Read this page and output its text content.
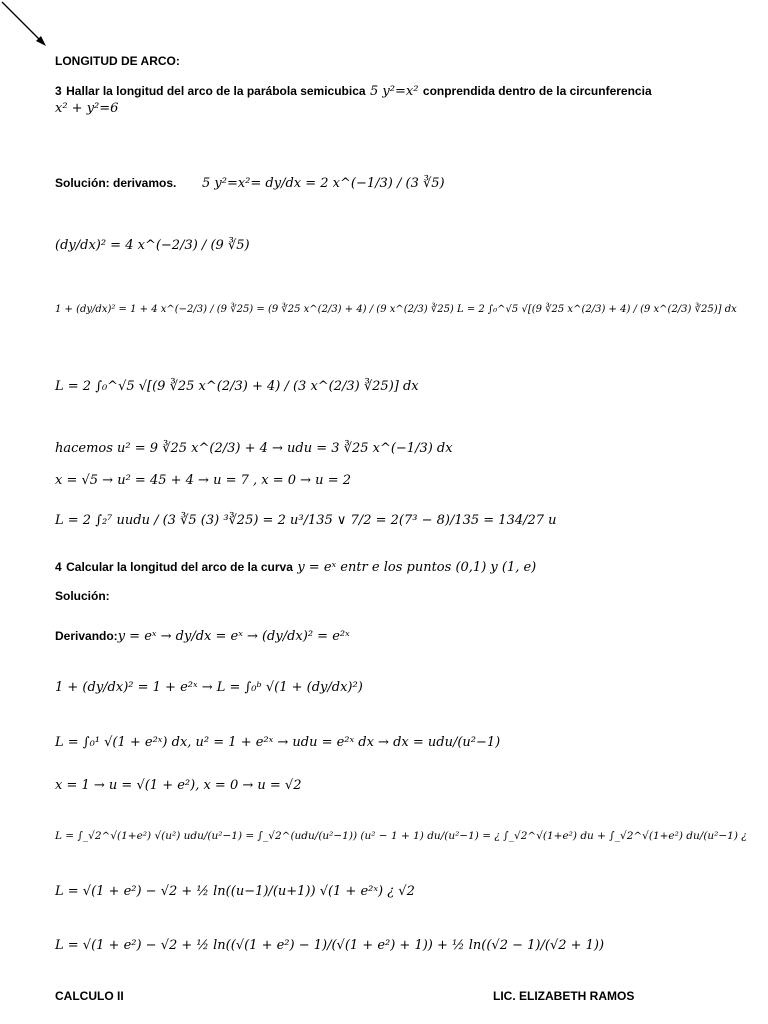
LONGITUD DE ARCO:
3 Hallar la longitud del arco de la parábola semicubica 5 y²=x² conprendida dentro de la circunferencia
x² + y²=6
Solución: derivamos. 5 y²=x²= dy/dx = 2 x^(−1/3) / (3 ∛5)
(dy/dx)² = 4 x^(−2/3) / (9 ∛5)
1 + (dy/dx)² = 1 + 4 x^(−2/3) / (9 ∛25) = (9 ∛25 x^(2/3) + 4) / (9 x^(2/3) ∛25) L = 2 ∫₀^√5 √[(9 ∛25 x^(2/3) + 4) / (9 x^(2/3) ∛25)] dx
L = 2 ∫₀^√5 √[(9 ∛25 x^(2/3) + 4) / (3 x^(2/3) ∛25)] dx
hacemos u² = 9 ∛25 x^(2/3) + 4 → udu = 3 ∛25 x^(−1/3) dx
x = √5 → u² = 45 + 4 → u = 7 , x = 0 → u = 2
L = 2 ∫₂⁷ uudu / (3 ∛5 (3) ³∛25) = 2 u³/135 ∨ 7/2 = 2(7³ − 8)/135 = 134/27 u
4 Calcular la longitud del arco de la curva y = eˣ entr e los puntos (0,1) y (1, e)
Solución:
Derivando:y = eˣ → dy/dx = eˣ → (dy/dx)² = e²ˣ
1 + (dy/dx)² = 1 + e²ˣ → L = ∫₀ᵇ √(1 + (dy/dx)²)
L = ∫₀¹ √(1 + e²ˣ) dx, u² = 1 + e²ˣ → udu = e²ˣ dx → dx = udu/(u²−1)
x = 1 → u = √(1 + e²), x = 0 → u = √2
L = ∫_√2^√(1+e²) √(u²) udu/(u²−1) = ∫_√2^(udu/(u²−1)) (u² − 1 + 1) du/(u²−1) = ¿ ∫_√2^√(1+e²) du + ∫_√2^√(1+e²) du/(u²−1) ¿
L = √(1 + e²) − √2 + ½ ln((u−1)/(u+1)) √(1 + e²ˣ) ¿ √2
L = √(1 + e²) − √2 + ½ ln((√(1 + e²) − 1)/(√(1 + e²) + 1)) + ½ ln((√2 − 1)/(√2 + 1))
CALCULO II	LIC. ELIZABETH RAMOS
